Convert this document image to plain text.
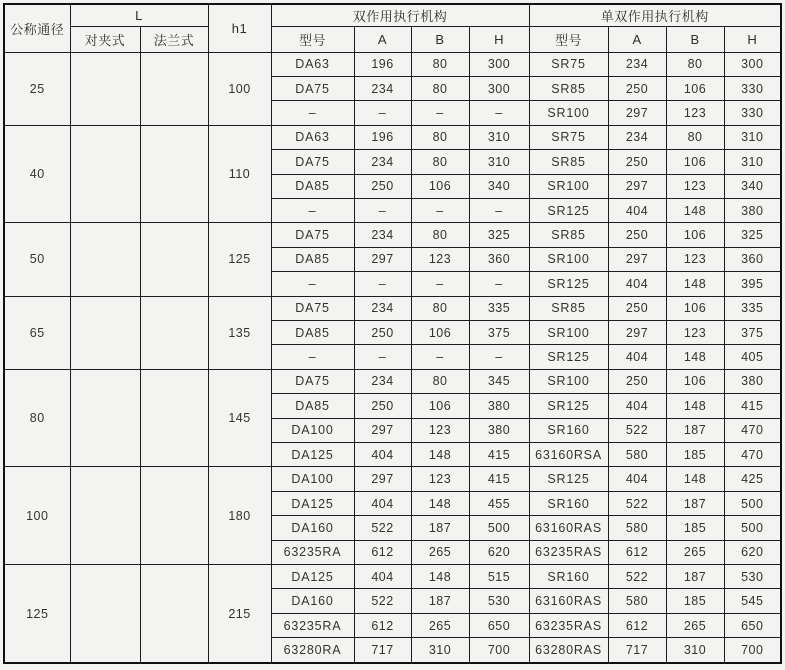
公称通径	L		h1	双作用执行机构				单双作用执行机构			
	对夹式	法兰式		型号	A	B	H	型号	A	B	H
25			100	DA63	196	80	300	SR75	234	80	300
				DA75	234	80	300	SR85	250	106	330
				–	–	–	–	SR100	297	123	330
40			110	DA63	196	80	310	SR75	234	80	310
				DA75	234	80	310	SR85	250	106	310
				DA85	250	106	340	SR100	297	123	340
				–	–	–	–	SR125	404	148	380
50			125	DA75	234	80	325	SR85	250	106	325
				DA85	297	123	360	SR100	297	123	360
				–	–	–	–	SR125	404	148	395
65			135	DA75	234	80	335	SR85	250	106	335
				DA85	250	106	375	SR100	297	123	375
				–	–	–	–	SR125	404	148	405
80			145	DA75	234	80	345	SR100	250	106	380
				DA85	250	106	380	SR125	404	148	415
				DA100	297	123	380	SR160	522	187	470
				DA125	404	148	415	63160RSA	580	185	470
100			180	DA100	297	123	415	SR125	404	148	425
				DA125	404	148	455	SR160	522	187	500
				DA160	522	187	500	63160RAS	580	185	500
				63235RA	612	265	620	63235RAS	612	265	620
125			215	DA125	404	148	515	SR160	522	187	530
				DA160	522	187	530	63160RAS	580	185	545
				63235RA	612	265	650	63235RAS	612	265	650
				63280RA	717	310	700	63280RAS	717	310	700
